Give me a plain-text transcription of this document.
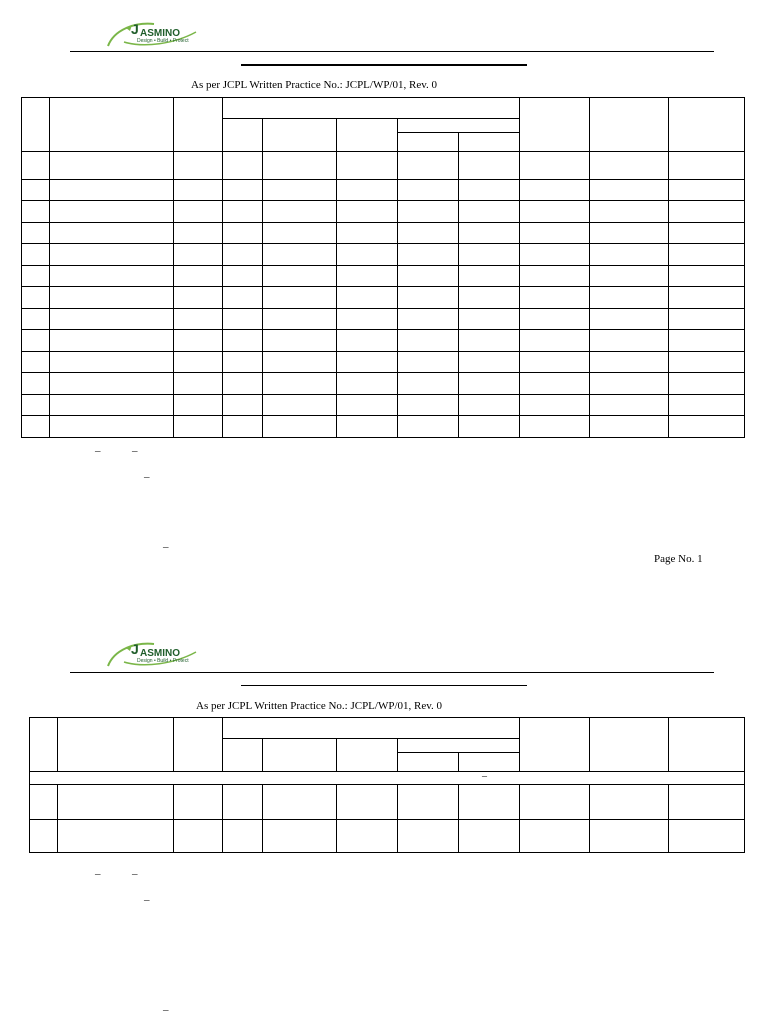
J ASMINO
Design • Build • Protect
As per JCPL Written Practice No.: JCPL/WP/01, Rev. 0

–	–
–
–
Page No. 1
J ASMINO
Design • Build • Protect
As per JCPL Written Practice No.: JCPL/WP/01, Rev. 0

–										

–	–
–
–
